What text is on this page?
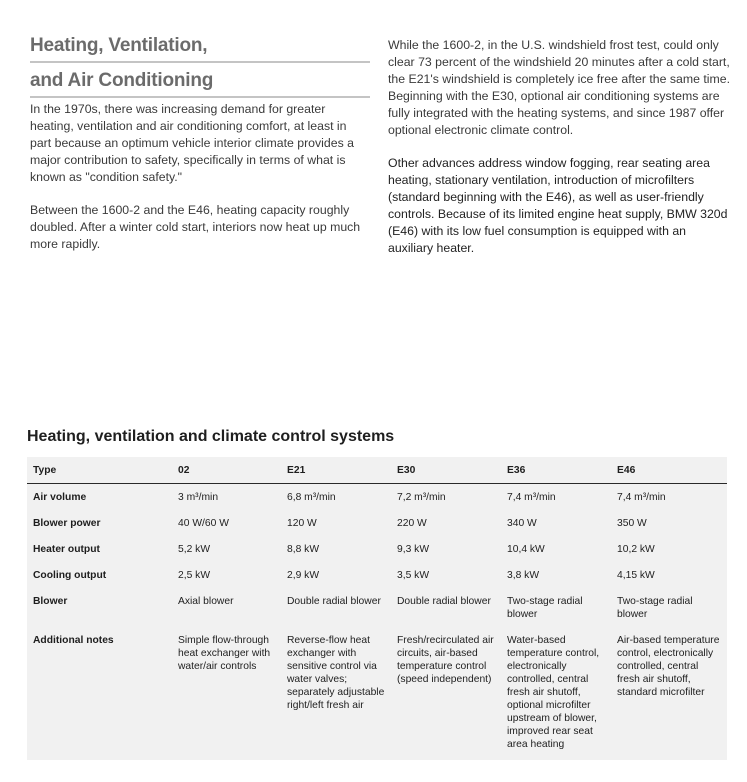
Heating, Ventilation,
and Air Conditioning

In the 1970s, there was increasing demand for greater heating, ventilation and air conditioning comfort, at least in part because an optimum vehicle interior climate provides a major contribution to safety, specifically in terms of what is known as "condition safety."

Between the 1600-2 and the E46, heating capacity roughly doubled. After a winter cold start, interiors now heat up much more rapidly.

While the 1600-2, in the U.S. windshield frost test, could only clear 73 percent of the windshield 20 minutes after a cold start, the E21's windshield is completely ice free after the same time. Beginning with the E30, optional air conditioning systems are fully integrated with the heating systems, and since 1987 offer optional electronic climate control.

Other advances address window fogging, rear seating area heating, stationary ventilation, introduction of microfilters (standard beginning with the E46), as well as user-friendly controls. Because of its limited engine heat supply, BMW 320d (E46) with its low fuel consumption is equipped with an auxiliary heater.

Heating, ventilation and climate control systems
Type	02	E21	E30	E36	E46
Air volume	3 m³/min	6,8 m³/min	7,2 m³/min	7,4 m³/min	7,4 m³/min
Blower power	40 W/60 W	120 W	220 W	340 W	350 W
Heater output	5,2 kW	8,8 kW	9,3 kW	10,4 kW	10,2 kW
Cooling output	2,5 kW	2,9 kW	3,5 kW	3,8 kW	4,15 kW
Blower	Axial blower	Double radial blower	Double radial blower	Two-stage radial blower	Two-stage radial blower
Additional notes	Simple flow-through heat exchanger with water/air controls	Reverse-flow heat exchanger with sensitive control via water valves; separately adjustable right/left fresh air	Fresh/recirculated air circuits, air-based temperature control (speed independent)	Water-based temperature control, electronically controlled, central fresh air shutoff, optional microfilter upstream of blower, improved rear seat area heating	Air-based temperature control, electronically controlled, central fresh air shutoff, standard microfilter
